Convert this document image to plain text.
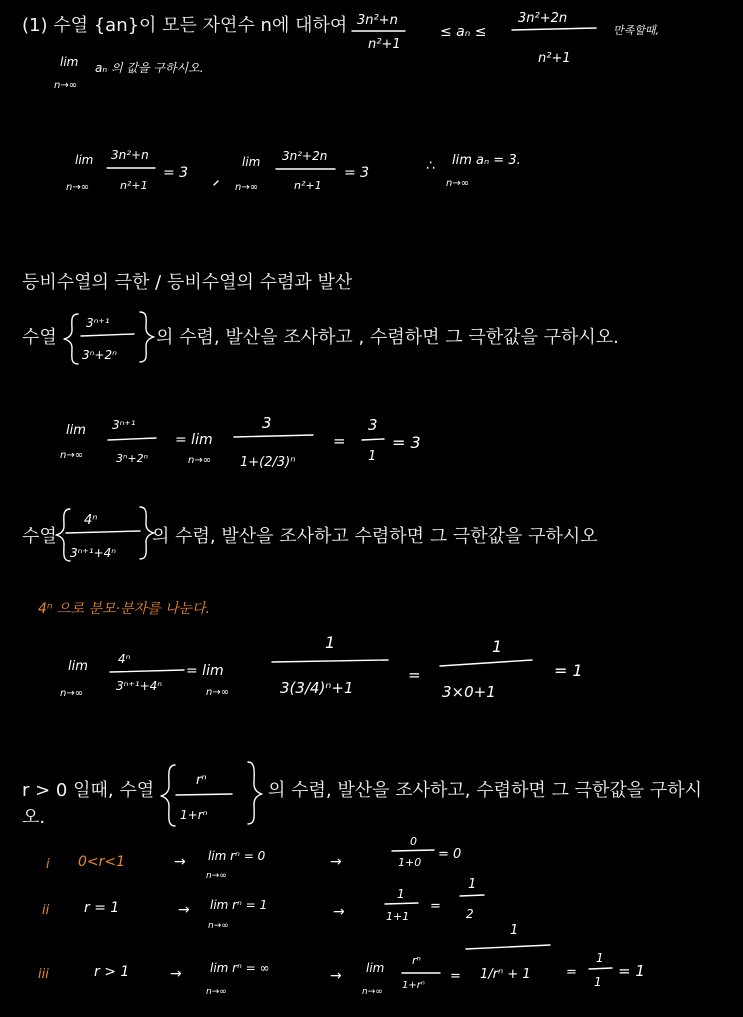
(1) 수열 {an}이 모든 자연수 n에 대하여
등비수열의 극한 / 등비수열의 수렴과 발산
수열	의 수렴, 발산을 조사하고 , 수렴하면 그 극한값을 구하시오.
수열	의 수렴, 발산을 조사하고 수렴하면 그 극한값을 구하시오
r > 0 일때, 수열	의 수렴, 발산을 조사하고, 수렴하면 그 극한값을 구하시
오.
3n²+n
n²+1
≤ aₙ ≤
3n²+2n
n²+1
만족할때,
lim
n→∞
aₙ 의 값을 구하시오.
lim
n→∞
3n²+n
n²+1
= 3
lim
n→∞
3n²+2n
n²+1
= 3	∴ lim aₙ = 3.
n→∞
3ⁿ⁺¹
3ⁿ+2ⁿ
lim
n→∞
3ⁿ⁺¹
3ⁿ+2ⁿ
= lim
n→∞
3
1+(2/3)ⁿ
=
3
1
= 3
4ⁿ
3ⁿ⁺¹+4ⁿ
4ⁿ 으로 분모·분자를 나눈다.
lim
n→∞
4ⁿ
3ⁿ⁺¹+4ⁿ
= lim
n→∞
1
3(3/4)ⁿ+1
=
1
3×0+1
= 1
rⁿ
1+rⁿ
i 0<r<1	→ lim rⁿ = 0
n→∞
→
0
1+0
= 0
ii r = 1	→ lim rⁿ = 1
n→∞
→
1
1+1
=
1
2
iii	r > 1	→ lim rⁿ = ∞
n→∞
→ lim
n→∞
rⁿ
1+rⁿ
=
1
1/rⁿ + 1	=
1
1
= 1
